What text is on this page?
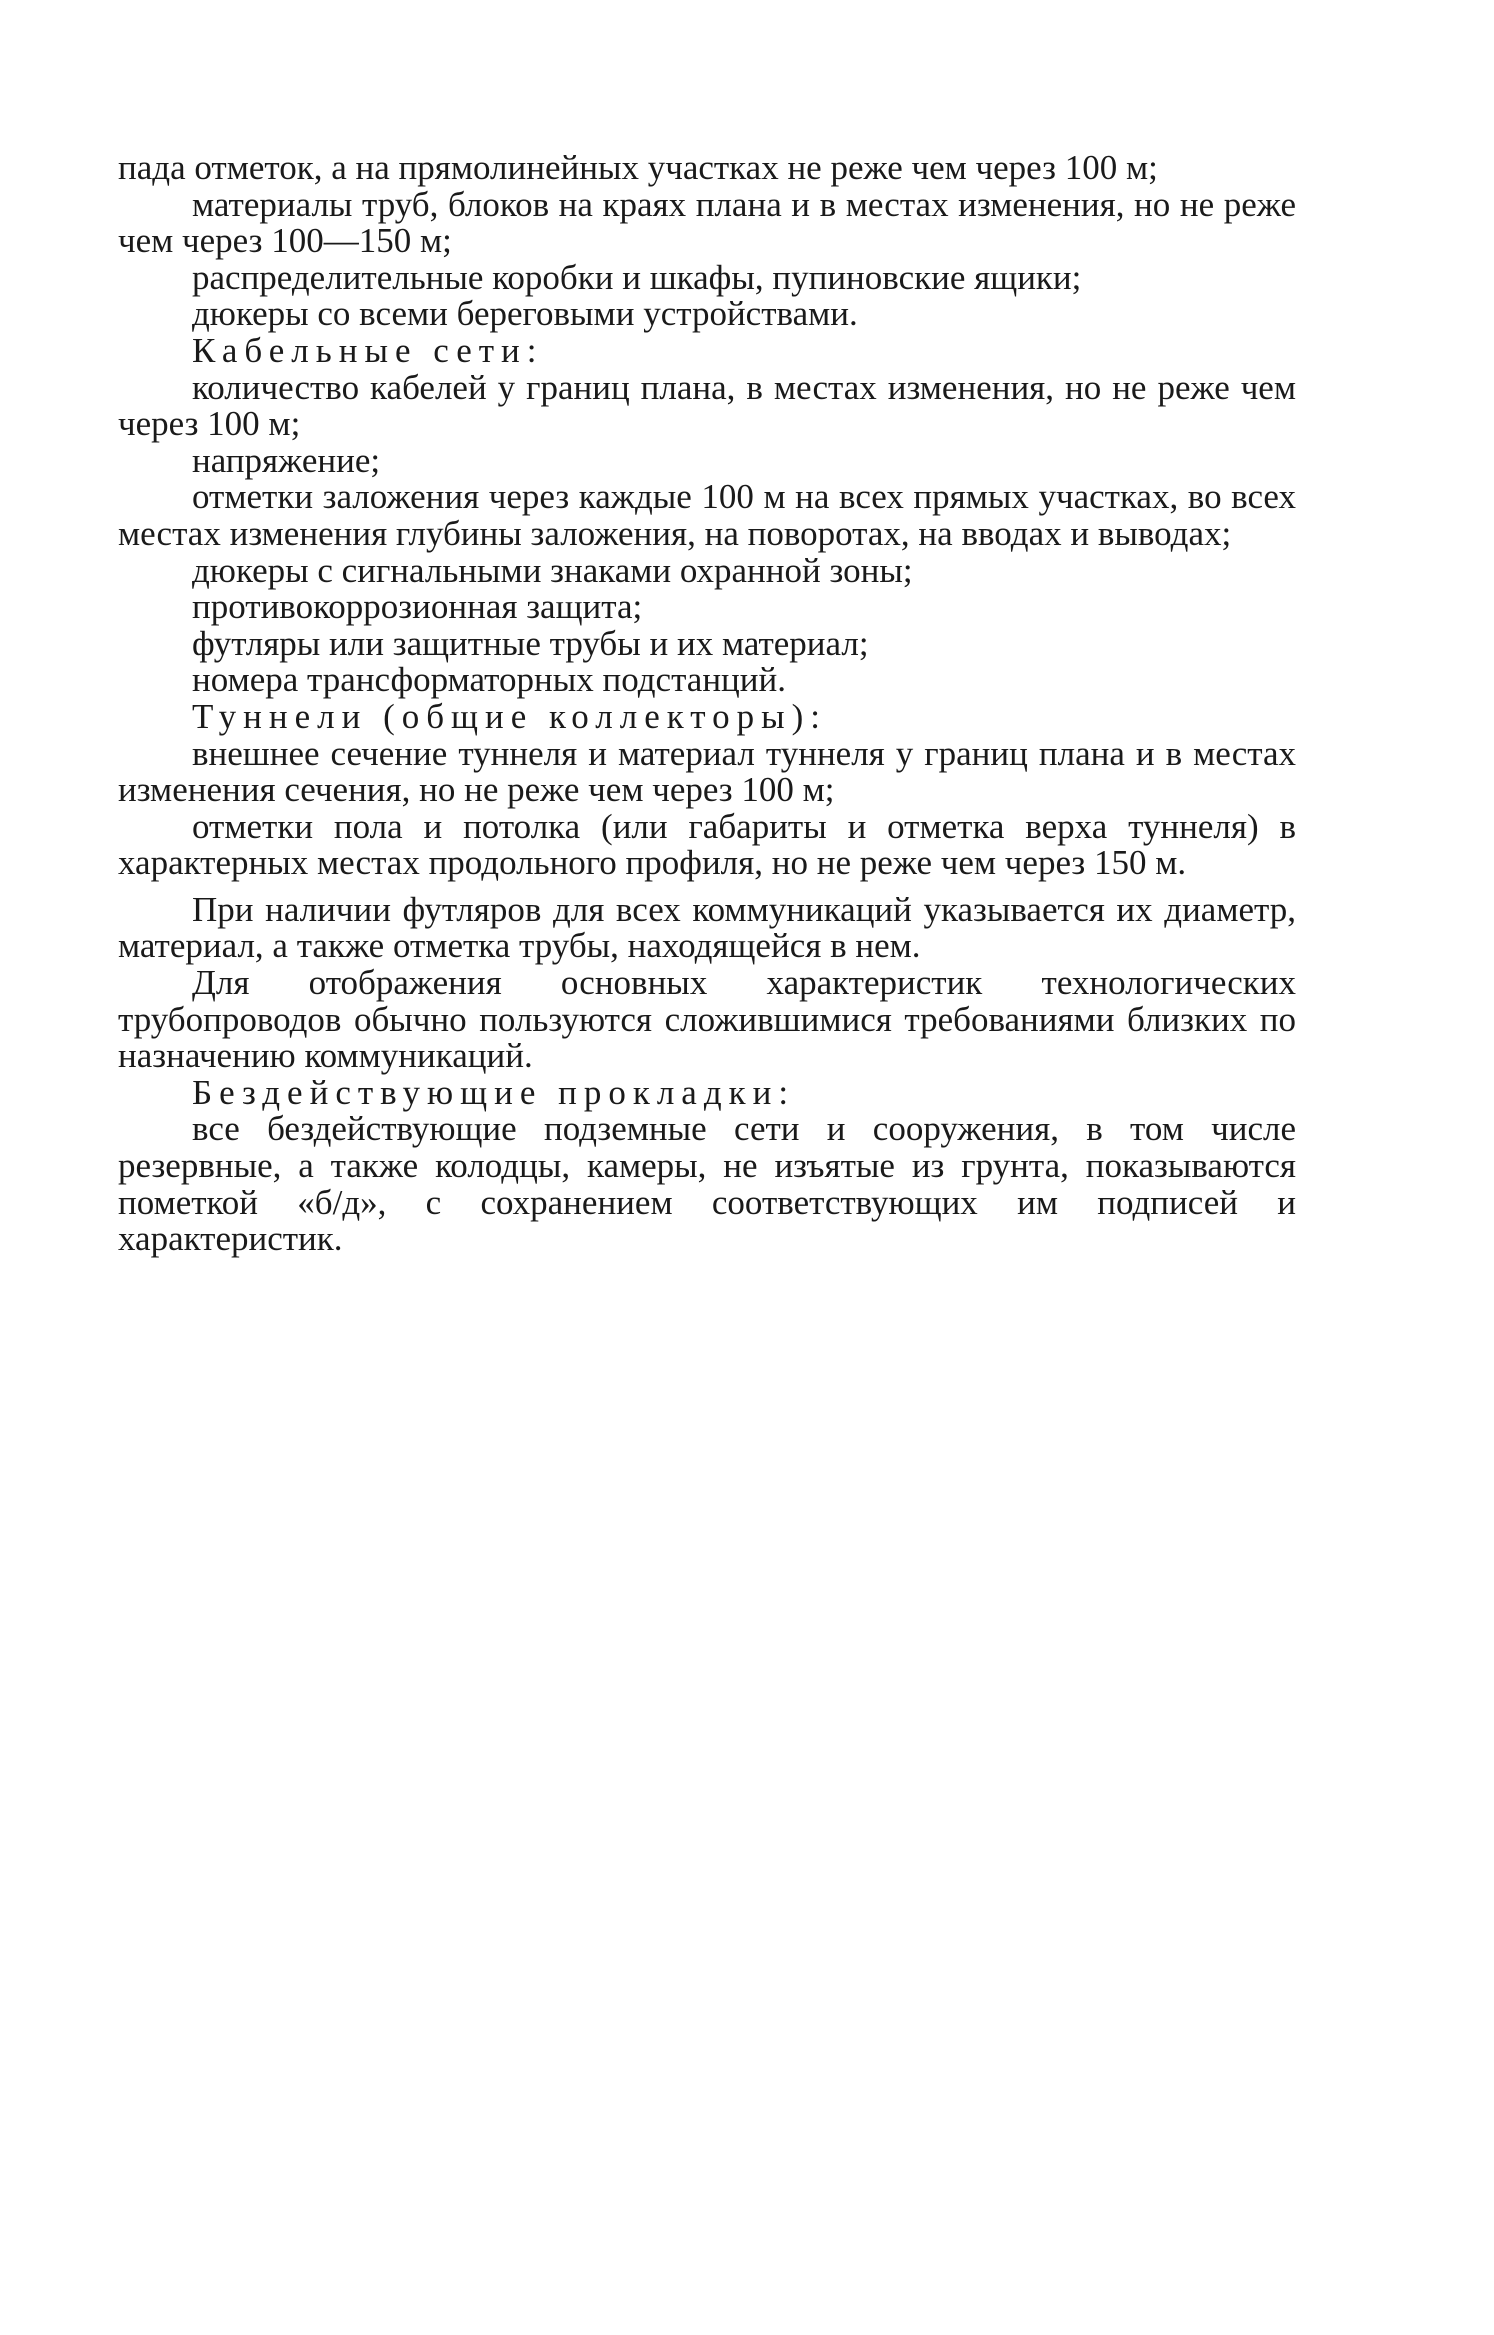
пада отметок, а на прямолинейных участках не реже чем через 100 м;

материалы труб, блоков на краях плана и в местах изменения, но не реже чем через 100—150 м;

распределительные коробки и шкафы, пупиновские ящики;

дюкеры со всеми береговыми устройствами.

Кабельные сети:

количество кабелей у границ плана, в местах изменения, но не реже чем через 100 м;

напряжение;

отметки заложения через каждые 100 м на всех прямых участках, во всех местах изменения глубины заложения, на поворотах, на вводах и выводах;

дюкеры с сигнальными знаками охранной зоны;

противокоррозионная защита;

футляры или защитные трубы и их материал;

номера трансформаторных подстанций.

Туннели (общие коллекторы):

внешнее сечение туннеля и материал туннеля у границ плана и в местах изменения сечения, но не реже чем через 100 м;

отметки пола и потолка (или габариты и отметка верха туннеля) в характерных местах продольного профиля, но не реже чем через 150 м.

При наличии футляров для всех коммуникаций указывается их диаметр, материал, а также отметка трубы, находящейся в нем.

Для отображения основных характеристик технологических трубопроводов обычно пользуются сложившимися требованиями близких по назначению коммуникаций.

Бездействующие прокладки:

все бездействующие подземные сети и сооружения, в том числе резервные, а также колодцы, камеры, не изъятые из грунта, показываются пометкой «б/д», с сохранением соответствующих им подписей и характеристик.
